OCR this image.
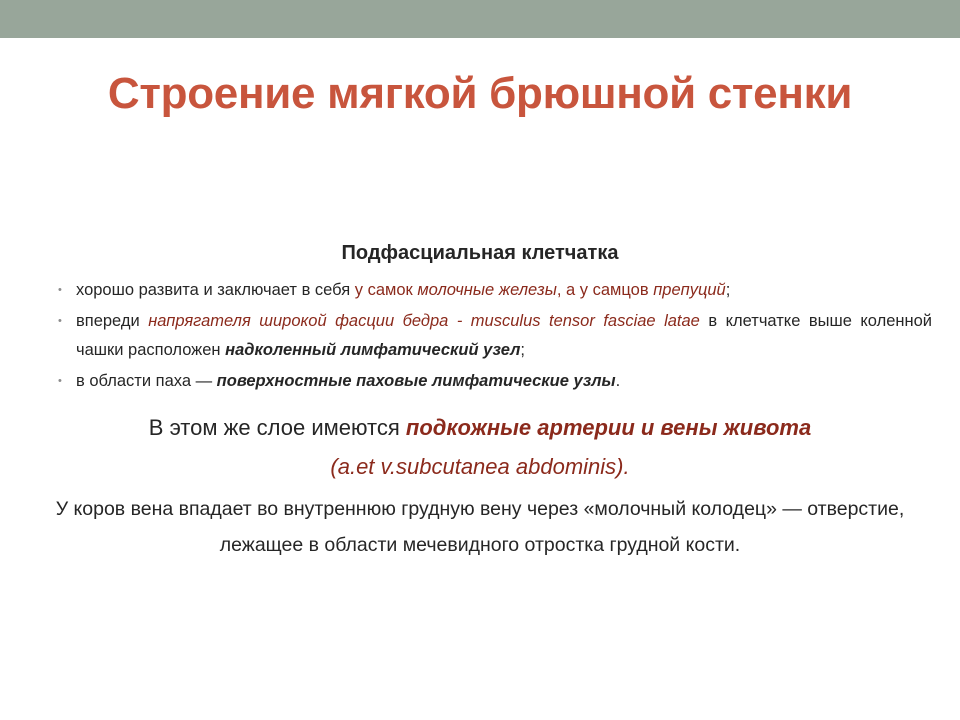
Строение мягкой брюшной стенки
Подфасциальная клетчатка
• хорошо развита и заключает в себя у самок молочные железы, а у самцов препуций;
• впереди напрягателя широкой фасции бедра - musculus tensor fasciae latae в клетчатке выше коленной чашки расположен надколенный лимфатический узел;
• в области паха — поверхностные паховые лимфатические узлы.
В этом же слое имеются подкожные артерии и вены живота
(a.et v.subcutanea abdominis).
У коров вена впадает во внутреннюю грудную вену через «молочный колодец» — отверстие, лежащее в области мечевидного отростка грудной кости.
